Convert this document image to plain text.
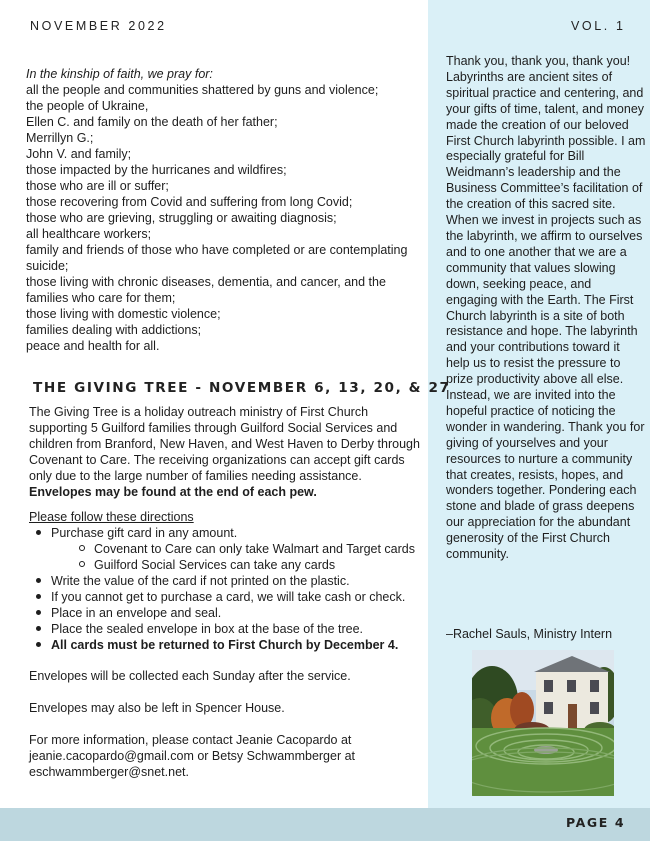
NOVEMBER 2022	VOL. 1

In the kinship of faith, we pray for:
all the people and communities shattered by guns and violence;
the people of Ukraine,
Ellen C. and family on the death of her father;
Merrillyn G.;
John V. and family;
those impacted by the hurricanes and wildfires;
those who are ill or suffer;
those recovering from Covid and suffering from long Covid;
those who are grieving, struggling or awaiting diagnosis;
all healthcare workers;
family and friends of those who have completed or are contemplating suicide;
those living with chronic diseases, dementia, and cancer, and the families who care for them;
those living with domestic violence;
families dealing with addictions;
peace and health for all.

THE GIVING TREE - NOVEMBER 6, 13, 20, & 27

The Giving Tree is a holiday outreach ministry of First Church supporting 5 Guilford families through Guilford Social Services and children from Branford, New Haven, and West Haven to Derby through Covenant to Care. The receiving organizations can accept gift cards only due to the large number of families needing assistance. Envelopes may be found at the end of each pew.

Please follow these directions
Purchase gift card in any amount.
Covenant to Care can only take Walmart and Target cards
Guilford Social Services can take any cards
Write the value of the card if not printed on the plastic.
If you cannot get to purchase a card, we will take cash or check.
Place in an envelope and seal.
Place the sealed envelope in box at the base of the tree.
All cards must be returned to First Church by December 4.

Envelopes will be collected each Sunday after the service.

Envelopes may also be left in Spencer House.

For more information, please contact Jeanie Cacopardo at jeanie.cacopardo@gmail.com or Betsy Schwammberger at eschwammberger@snet.net.

Thank you, thank you, thank you! Labyrinths are ancient sites of spiritual practice and centering, and your gifts of time, talent, and money made the creation of our beloved First Church labyrinth possible. I am especially grateful for Bill Weidmann’s leadership and the Business Committee’s facilitation of the creation of this sacred site. When we invest in projects such as the labyrinth, we affirm to ourselves and to one another that we are a community that values slowing down, seeking peace, and engaging with the Earth. The First Church labyrinth is a site of both resistance and hope. The labyrinth and your contributions toward it help us to resist the pressure to prize productivity above all else. Instead, we are invited into the hopeful practice of noticing the wonder in wandering. Thank you for giving of yourselves and your resources to nurture a community that creates, resists, hopes, and wonders together. Pondering each stone and blade of grass deepens our appreciation for the abundant generosity of the First Church community.

–Rachel Sauls, Ministry Intern

PAGE 4
